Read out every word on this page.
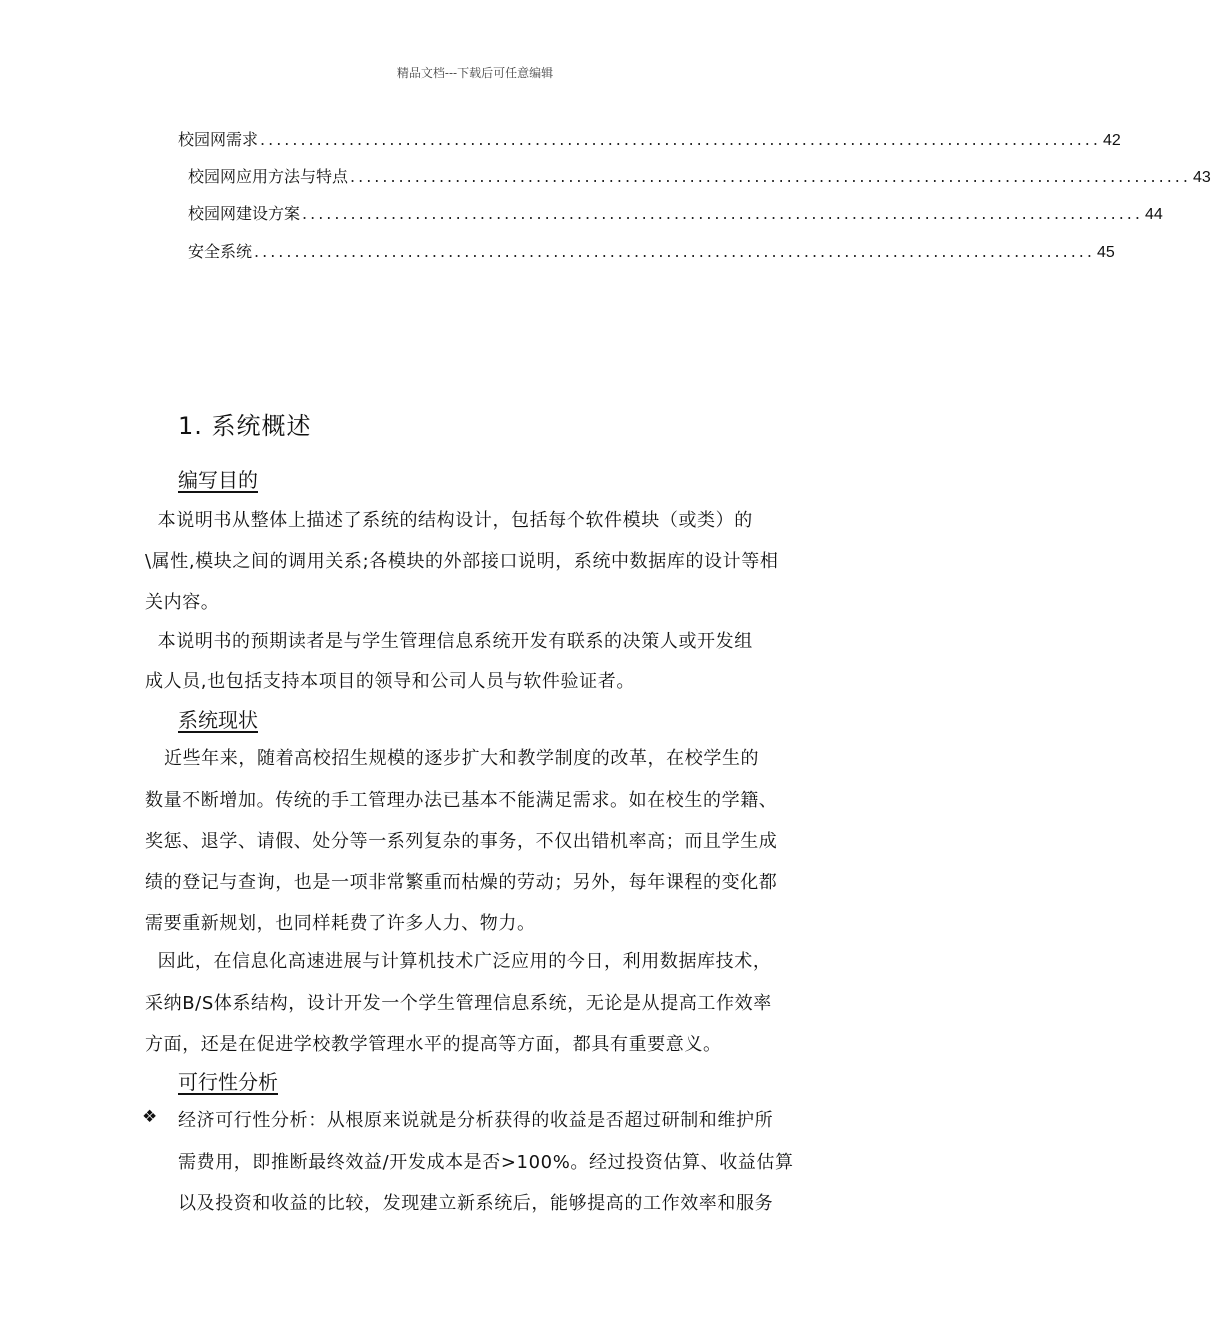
精品文档---下载后可任意编辑
校园网需求 ........................................................................................................ 42
校园网应用方法与特点 ........................................................................................................ 43
校园网建设方案 ........................................................................................................ 44
安全系统 ........................................................................................................ 45
1. 系统概述
编写目的
本说明书从整体上描述了系统的结构设计，包括每个软件模块（或类）的
\属性,模块之间的调用关系;各模块的外部接口说明，系统中数据库的设计等相
关内容。
本说明书的预期读者是与学生管理信息系统开发有联系的决策人或开发组
成人员,也包括支持本项目的领导和公司人员与软件验证者。
系统现状
近些年来，随着高校招生规模的逐步扩大和教学制度的改革，在校学生的
数量不断增加。传统的手工管理办法已基本不能满足需求。如在校生的学籍、
奖惩、退学、请假、处分等一系列复杂的事务，不仅出错机率高；而且学生成
绩的登记与查询，也是一项非常繁重而枯燥的劳动；另外，每年课程的变化都
需要重新规划，也同样耗费了许多人力、物力。
因此，在信息化高速进展与计算机技术广泛应用的今日，利用数据库技术，
采纳B/S体系结构，设计开发一个学生管理信息系统，无论是从提高工作效率
方面，还是在促进学校教学管理水平的提高等方面，都具有重要意义。
可行性分析
❖ 经济可行性分析：从根原来说就是分析获得的收益是否超过研制和维护所
需费用，即推断最终效益/开发成本是否>100%。经过投资估算、收益估算
以及投资和收益的比较，发现建立新系统后，能够提高的工作效率和服务
